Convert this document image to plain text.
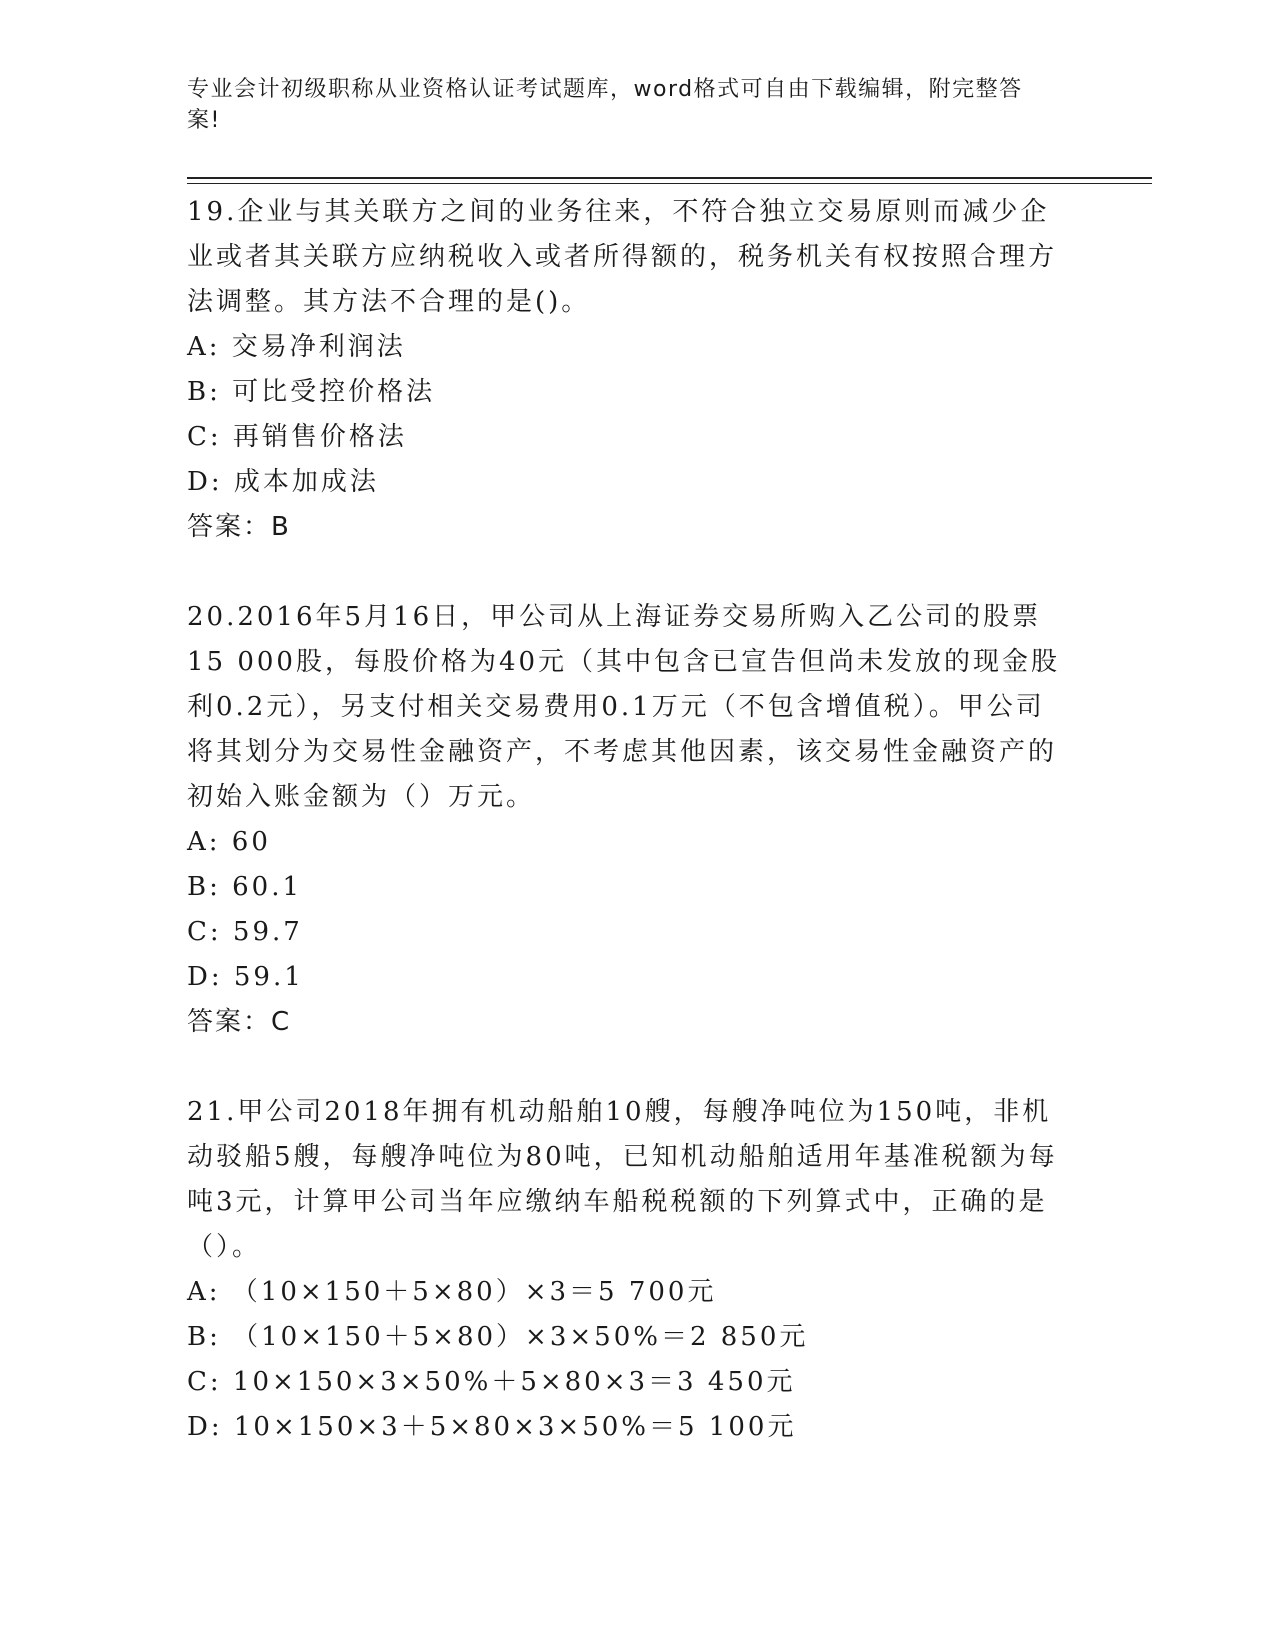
专业会计初级职称从业资格认证考试题库，word格式可自由下载编辑，附完整答
案!

19.企业与其关联方之间的业务往来，不符合独立交易原则而减少企业或者其关联方应纳税收入或者所得额的，税务机关有权按照合理方法调整。其方法不合理的是()。

A: 交易净利润法

B: 可比受控价格法

C: 再销售价格法

D: 成本加成法

答案：B

20.2016年5月16日，甲公司从上海证券交易所购入乙公司的股票15 000股，每股价格为40元（其中包含已宣告但尚未发放的现金股利0.2元），另支付相关交易费用0.1万元（不包含增值税）。甲公司将其划分为交易性金融资产，不考虑其他因素，该交易性金融资产的初始入账金额为（）万元。

A: 60

B: 60.1

C: 59.7

D: 59.1

答案：C

21.甲公司2018年拥有机动船舶10艘，每艘净吨位为150吨，非机动驳船5艘，每艘净吨位为80吨，已知机动船舶适用年基准税额为每吨3元，计算甲公司当年应缴纳车船税税额的下列算式中，正确的是（）。

A: （10×150＋5×80）×3＝5 700元

B: （10×150＋5×80）×3×50%＝2 850元

C: 10×150×3×50%＋5×80×3＝3 450元

D: 10×150×3＋5×80×3×50%＝5 100元
